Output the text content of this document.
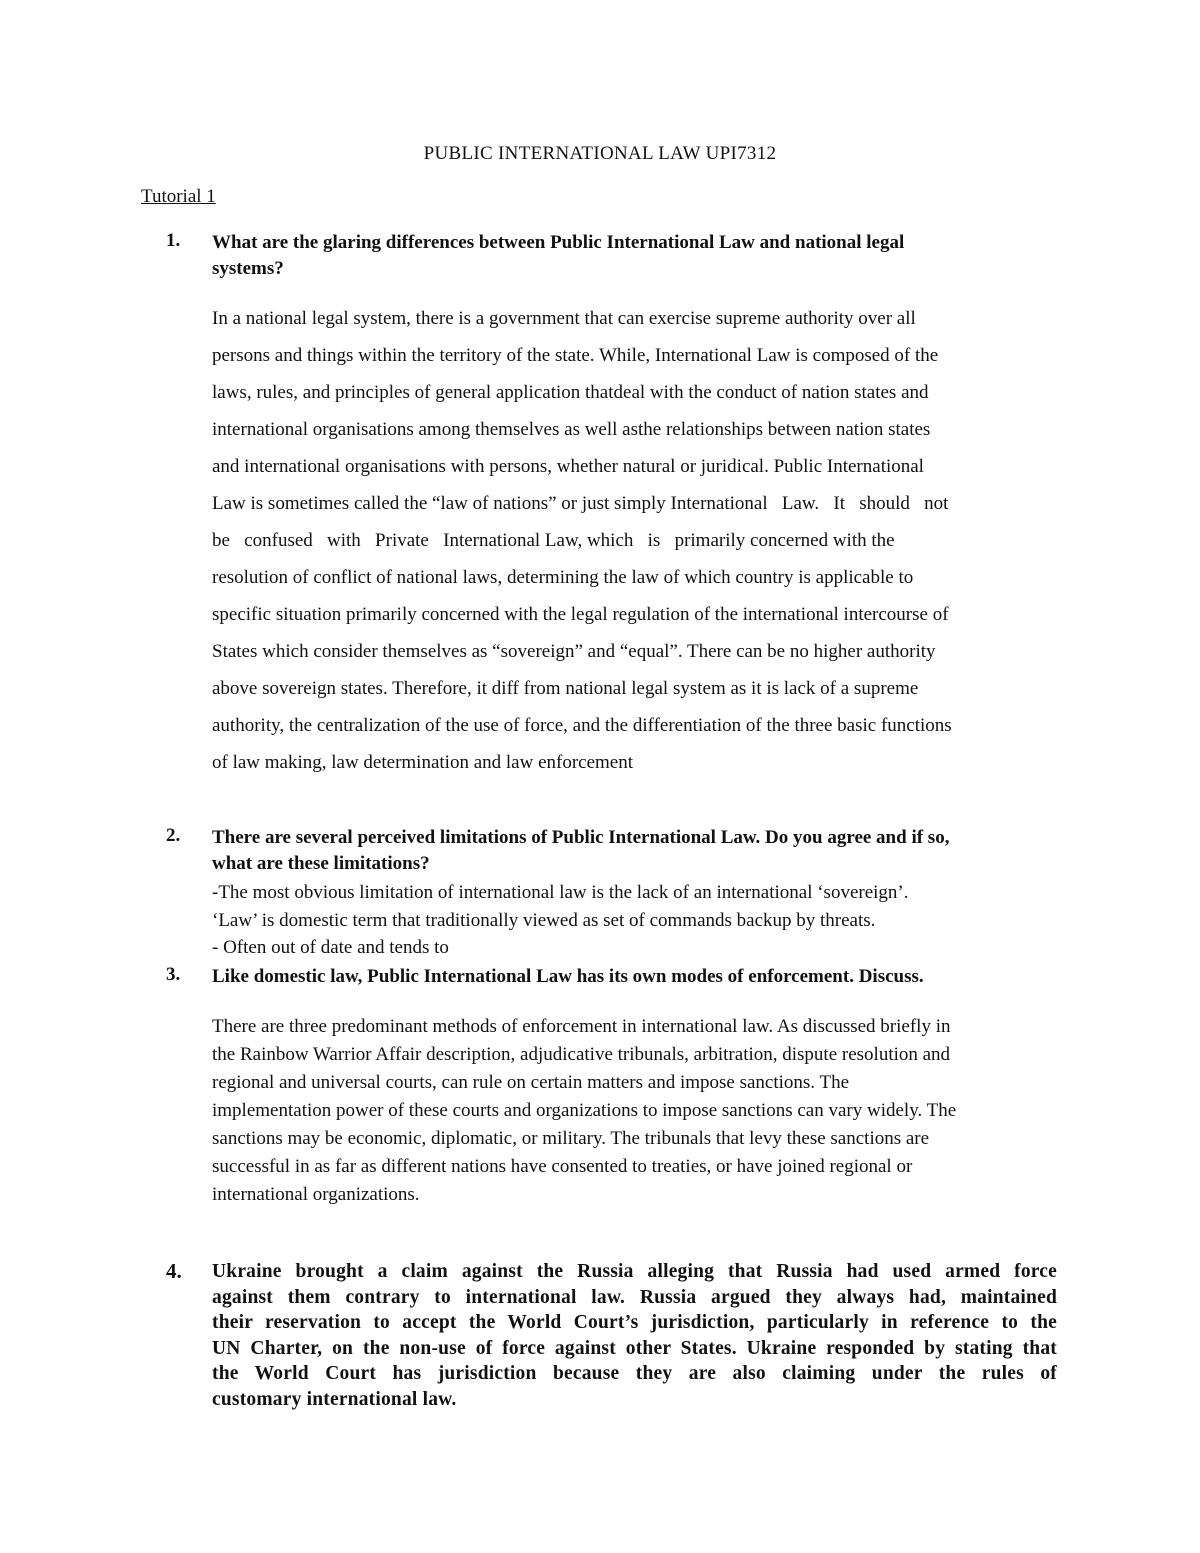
PUBLIC INTERNATIONAL LAW UPI7312
Tutorial 1
1. What are the glaring differences between Public International Law and national legal
systems?
In a national legal system, there is a government that can exercise supreme authority over all
persons and things within the territory of the state. While, International Law is composed of the
laws, rules, and principles of general application thatdeal with the conduct of nation states and
international organisations among themselves as well asthe relationships between nation states
and international organisations with persons, whether natural or juridical. Public International
Law is sometimes called the “law of nations” or just simply International   Law.   It   should   not
be   confused   with   Private   International Law, which   is   primarily concerned with the
resolution of conflict of national laws, determining the law of which country is applicable to
specific situation primarily concerned with the legal regulation of the international intercourse of
States which consider themselves as “sovereign” and “equal”. There can be no higher authority
above sovereign states. Therefore, it diff from national legal system as it is lack of a supreme
authority, the centralization of the use of force, and the differentiation of the three basic functions
of law making, law determination and law enforcement
2. There are several perceived limitations of Public International Law. Do you agree and if so,
what are these limitations?
-The most obvious limitation of international law is the lack of an international ‘sovereign’.
‘Law’ is domestic term that traditionally viewed as set of commands backup by threats.
- Often out of date and tends to
3. Like domestic law, Public International Law has its own modes of enforcement. Discuss.
There are three predominant methods of enforcement in international law. As discussed briefly in
the Rainbow Warrior Affair description, adjudicative tribunals, arbitration, dispute resolution and
regional and universal courts, can rule on certain matters and impose sanctions. The
implementation power of these courts and organizations to impose sanctions can vary widely. The
sanctions may be economic, diplomatic, or military. The tribunals that levy these sanctions are
successful in as far as different nations have consented to treaties, or have joined regional or
international organizations.
4. Ukraine brought a claim against the Russia alleging that Russia had used armed force
against them contrary to international law. Russia argued they always had, maintained
their reservation to accept the World Court’s jurisdiction, particularly in reference to the
UN Charter, on the non-use of force against other States. Ukraine responded by stating that
the World Court has jurisdiction because they are also claiming under the rules of
customary international law.
